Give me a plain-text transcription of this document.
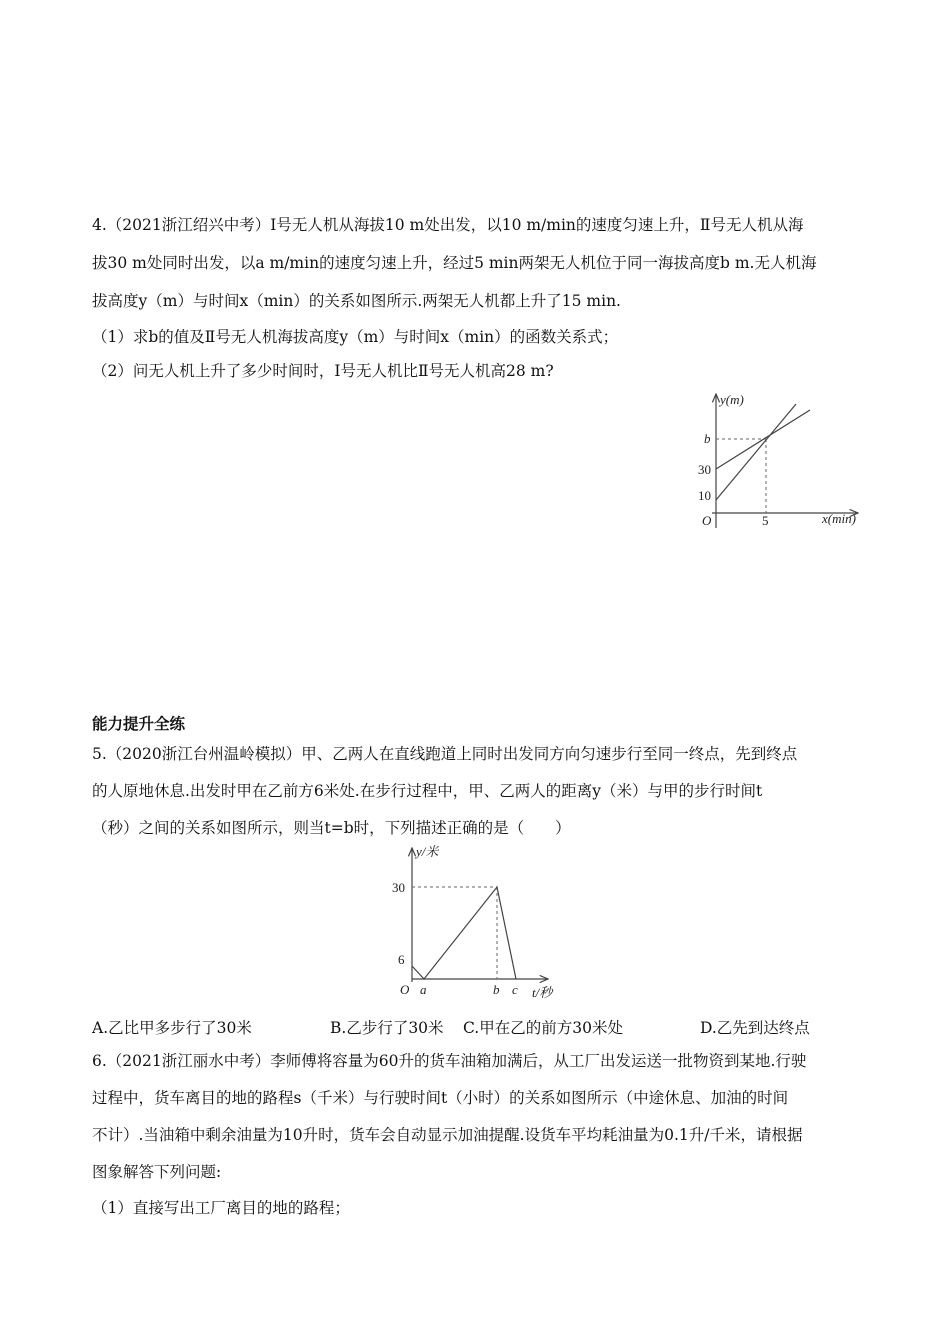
4.（2021浙江绍兴中考）Ⅰ号无人机从海拔10 m处出发，以10 m/min的速度匀速上升，Ⅱ号无人机从海
拔30 m处同时出发，以a m/min的速度匀速上升，经过5 min两架无人机位于同一海拔高度b m.无人机海
拔高度y（m）与时间x（min）的关系如图所示.两架无人机都上升了15 min.
（1）求b的值及Ⅱ号无人机海拔高度y（m）与时间x（min）的函数关系式；
（2）问无人机上升了多少时间时，Ⅰ号无人机比Ⅱ号无人机高28 m?
y(m)
x(min)
O
b
30
10
5
能力提升全练
5.（2020浙江台州温岭模拟）甲、乙两人在直线跑道上同时出发同方向匀速步行至同一终点，先到终点
的人原地休息.出发时甲在乙前方6米处.在步行过程中，甲、乙两人的距离y（米）与甲的步行时间t
（秒）之间的关系如图所示，则当t=b时，下列描述正确的是（　　）
y/米
t/秒
O
30
6
a	b c
A.乙比甲多步行了30米	B.乙步行了30米 C.甲在乙的前方30米处	D.乙先到达终点
6.（2021浙江丽水中考）李师傅将容量为60升的货车油箱加满后，从工厂出发运送一批物资到某地.行驶
过程中，货车离目的地的路程s（千米）与行驶时间t（小时）的关系如图所示（中途休息、加油的时间
不计）.当油箱中剩余油量为10升时，货车会自动显示加油提醒.设货车平均耗油量为0.1升/千米，请根据
图象解答下列问题:
（1）直接写出工厂离目的地的路程；
